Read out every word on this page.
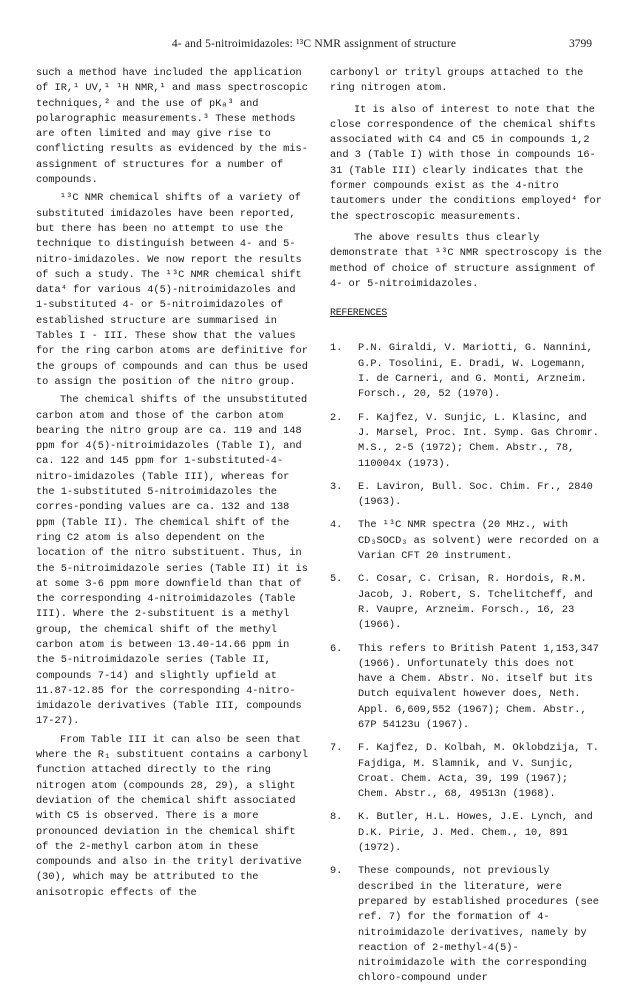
4- and 5-nitroimidazoles: ¹³C NMR assignment of structure	3799

such a method have included the application of IR,¹ UV,¹ ¹H NMR,¹ and mass spectroscopic techniques,² and the use of pKₐ³ and polarographic measurements.³ These methods are often limited and may give rise to conflicting results as evidenced by the mis-assignment of structures for a number of compounds.

¹³C NMR chemical shifts of a variety of substituted imidazoles have been reported, but there has been no attempt to use the technique to distinguish between 4- and 5-nitro-imidazoles. We now report the results of such a study. The ¹³C NMR chemical shift data⁴ for various 4(5)-nitroimidazoles and 1-substituted 4- or 5-nitroimidazoles of established structure are summarised in Tables I - III. These show that the values for the ring carbon atoms are definitive for the groups of compounds and can thus be used to assign the position of the nitro group.

The chemical shifts of the unsubstituted carbon atom and those of the carbon atom bearing the nitro group are ca. 119 and 148 ppm for 4(5)-nitroimidazoles (Table I), and ca. 122 and 145 ppm for 1-substituted-4-nitro-imidazoles (Table III), whereas for the 1-substituted 5-nitroimidazoles the corres-ponding values are ca. 132 and 138 ppm (Table II). The chemical shift of the ring C2 atom is also dependent on the location of the nitro substituent. Thus, in the 5-nitroimidazole series (Table II) it is at some 3-6 ppm more downfield than that of the corresponding 4-nitroimidazoles (Table III). Where the 2-substituent is a methyl group, the chemical shift of the methyl carbon atom is between 13.40-14.66 ppm in the 5-nitroimidazole series (Table II, compounds 7-14) and slightly upfield at 11.87-12.85 for the corresponding 4-nitro-imidazole derivatives (Table III, compounds 17-27).

From Table III it can also be seen that where the R₁ substituent contains a carbonyl function attached directly to the ring nitrogen atom (compounds 28, 29), a slight deviation of the chemical shift associated with C5 is observed. There is a more pronounced deviation in the chemical shift of the 2-methyl carbon atom in these compounds and also in the trityl derivative (30), which may be attributed to the anisotropic effects of the

carbonyl or trityl groups attached to the ring nitrogen atom.

It is also of interest to note that the close correspondence of the chemical shifts associated with C4 and C5 in compounds 1,2 and 3 (Table I) with those in compounds 16-31 (Table III) clearly indicates that the former compounds exist as the 4-nitro tautomers under the conditions employed⁴ for the spectroscopic measurements.

The above results thus clearly demonstrate that ¹³C NMR spectroscopy is the method of choice of structure assignment of 4- or 5-nitroimidazoles.

REFERENCES
1.	P.N. Giraldi, V. Mariotti, G. Nannini, G.P. Tosolini, E. Dradi, W. Logemann, I. de Carneri, and G. Monti, Arzneim. Forsch., 20, 52 (1970).
2.	F. Kajfez, V. Sunjic, L. Klasinc, and J. Marsel, Proc. Int. Symp. Gas Chromr. M.S., 2-5 (1972); Chem. Abstr., 78, 110004x (1973).
3.	E. Laviron, Bull. Soc. Chim. Fr., 2840 (1963).
4.	The ¹³C NMR spectra (20 MHz., with CD₃SOCD₃ as solvent) were recorded on a Varian CFT 20 instrument.
5.	C. Cosar, C. Crisan, R. Hordois, R.M. Jacob, J. Robert, S. Tchelitcheff, and R. Vaupre, Arzneim. Forsch., 16, 23 (1966).
6.	This refers to British Patent 1,153,347 (1966). Unfortunately this does not have a Chem. Abstr. No. itself but its Dutch equivalent however does, Neth. Appl. 6,609,552 (1967); Chem. Abstr., 67P 54123u (1967).
7.	F. Kajfez, D. Kolbah, M. Oklobdzija, T. Fajdiga, M. Slamnik, and V. Sunjic, Croat. Chem. Acta, 39, 199 (1967); Chem. Abstr., 68, 49513n (1968).
8.	K. Butler, H.L. Howes, J.E. Lynch, and D.K. Pirie, J. Med. Chem., 10, 891 (1972).
9.	These compounds, not previously described in the literature, were prepared by established procedures (see ref. 7) for the formation of 4-nitroimidazole derivatives, namely by reaction of 2-methyl-4(5)-nitroimidazole with the corresponding chloro-compound under
